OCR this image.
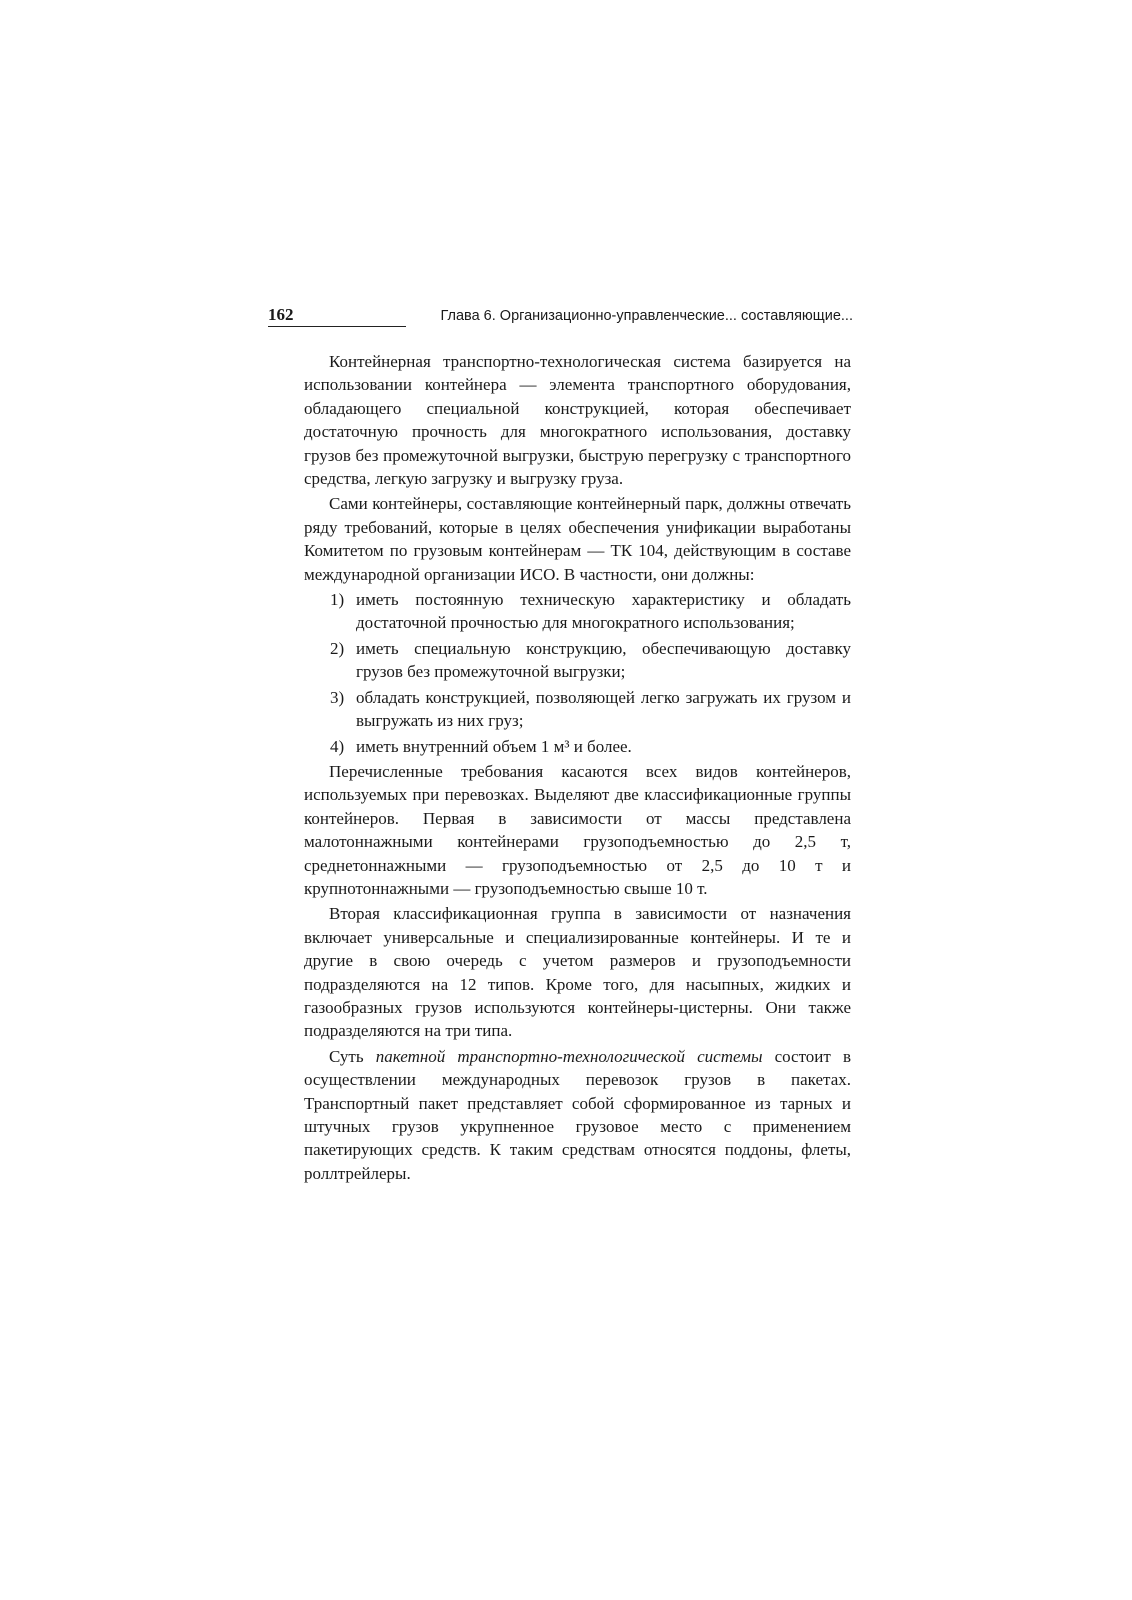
162	Глава 6. Организационно-управленческие... составляющие...

Контейнерная транспортно-технологическая система базируется на использовании контейнера — элемента транспортного оборудования, обладающего специальной конструкцией, которая обеспечивает достаточную прочность для многократного использования, доставку грузов без промежуточной выгрузки, быструю перегрузку с транспортного средства, легкую загрузку и выгрузку груза.

Сами контейнеры, составляющие контейнерный парк, должны отвечать ряду требований, которые в целях обеспечения унификации выработаны Комитетом по грузовым контейнерам — ТК 104, действующим в составе международной организации ИСО. В частности, они должны:

1) иметь постоянную техническую характеристику и обладать достаточной прочностью для многократного использования;
2) иметь специальную конструкцию, обеспечивающую доставку грузов без промежуточной выгрузки;
3) обладать конструкцией, позволяющей легко загружать их грузом и выгружать из них груз;
4) иметь внутренний объем 1 м³ и более.

Перечисленные требования касаются всех видов контейнеров, используемых при перевозках. Выделяют две классификационные группы контейнеров. Первая в зависимости от массы представлена малотоннажными контейнерами грузоподъемностью до 2,5 т, среднетоннажными — грузоподъемностью от 2,5 до 10 т и крупнотоннажными — грузоподъемностью свыше 10 т.

Вторая классификационная группа в зависимости от назначения включает универсальные и специализированные контейнеры. И те и другие в свою очередь с учетом размеров и грузоподъемности подразделяются на 12 типов. Кроме того, для насыпных, жидких и газообразных грузов используются контейнеры-цистерны. Они также подразделяются на три типа.

Суть пакетной транспортно-технологической системы состоит в осуществлении международных перевозок грузов в пакетах. Транспортный пакет представляет собой сформированное из тарных и штучных грузов укрупненное грузовое место с применением пакетирующих средств. К таким средствам относятся поддоны, флеты, роллтрейлеры.
